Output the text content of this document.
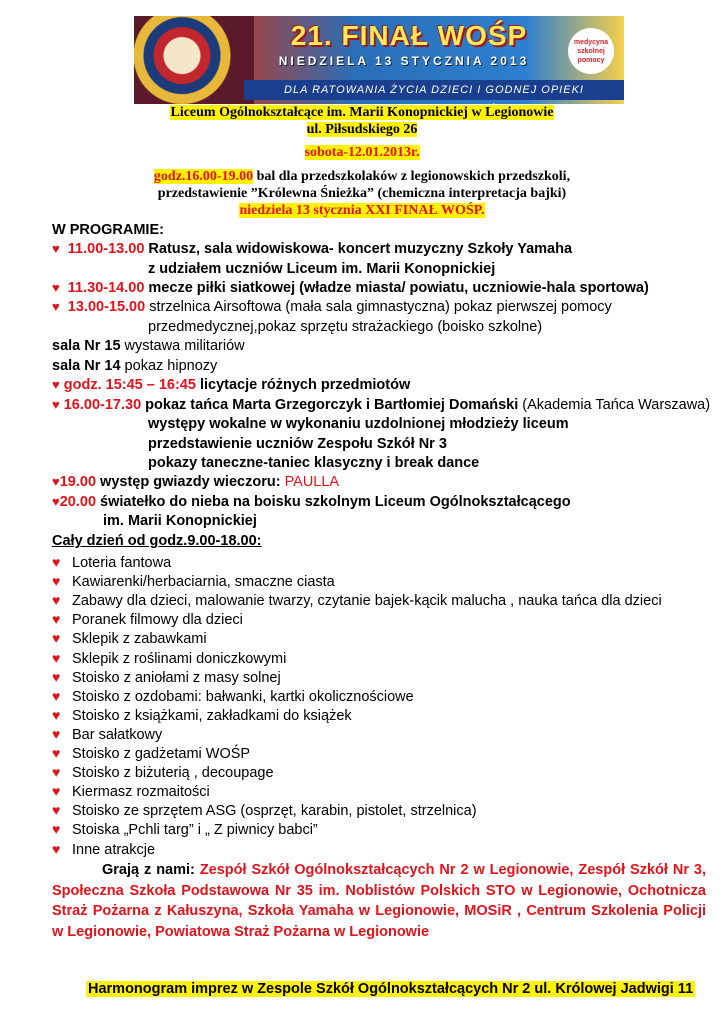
21. FINAŁ WOŚP
NIEDZIELA 13 STYCZNIA 2013
DLA RATOWANIA ŻYCIA DZIECI I GODNEJ OPIEKI
medycyna szkolnej pomocy
Liceum Ogólnokształcące im. Marii Konopnickiej w Legionowie
ul. Piłsudskiego 26
sobota-12.01.2013r.
godz.16.00-19.00 bal dla przedszkolaków z legionowskich przedszkoli,
przedstawienie ”Królewna Śnieżka” (chemiczna interpretacja bajki)
niedziela 13 stycznia XXI FINAŁ WOŚP.
W PROGRAMIE:
♥ 11.00-13.00 Ratusz, sala widowiskowa- koncert muzyczny Szkoły Yamaha
z udziałem uczniów Liceum im. Marii Konopnickiej
♥ 11.30-14.00 mecze piłki siatkowej (władze miasta/ powiatu, uczniowie-hala sportowa)
♥ 13.00-15.00 strzelnica Airsoftowa (mała sala gimnastyczna) pokaz pierwszej pomocy
przedmedycznej,pokaz sprzętu strażackiego (boisko szkolne)
sala Nr 15 wystawa militariów
sala Nr 14 pokaz hipnozy
♥ godz. 15:45 – 16:45 licytacje różnych przedmiotów
♥ 16.00-17.30 pokaz tańca Marta Grzegorczyk i Bartłomiej Domański (Akademia Tańca Warszawa)
występy wokalne w wykonaniu uzdolnionej młodzieży liceum
przedstawienie uczniów Zespołu Szkół Nr 3
pokazy taneczne-taniec klasyczny i break dance
♥19.00 występ gwiazdy wieczoru: PAULLA
♥20.00 światełko do nieba na boisku szkolnym Liceum Ogólnokształcącego
im. Marii Konopnickiej
Cały dzień od godz.9.00-18.00:
♥ Loteria fantowa
♥ Kawiarenki/herbaciarnia, smaczne ciasta
♥ Zabawy dla dzieci, malowanie twarzy, czytanie bajek-kącik malucha , nauka tańca dla dzieci
♥ Poranek filmowy dla dzieci
♥ Sklepik z zabawkami
♥ Sklepik z roślinami doniczkowymi
♥ Stoisko z aniołami z masy solnej
♥ Stoisko z ozdobami: bałwanki, kartki okolicznościowe
♥ Stoisko z książkami, zakładkami do książek
♥ Bar sałatkowy
♥ Stoisko z gadżetami WOŚP
♥ Stoisko z biżuterią , decoupage
♥ Kiermasz rozmaitości
♥ Stoisko ze sprzętem ASG (osprzęt, karabin, pistolet, strzelnica)
♥ Stoiska „Pchli targ” i „ Z piwnicy babci”
♥ Inne atrakcje
Grają z nami: Zespół Szkół Ogólnokształcących Nr 2 w Legionowie, Zespół Szkół Nr 3, Społeczna Szkoła Podstawowa Nr 35 im. Noblistów Polskich STO w Legionowie, Ochotnicza Straż Pożarna z Kałuszyna, Szkoła Yamaha w Legionowie, MOSiR , Centrum Szkolenia Policji w Legionowie, Powiatowa Straż Pożarna w Legionowie
Harmonogram imprez w Zespole Szkół Ogólnokształcących Nr 2 ul. Królowej Jadwigi 11
